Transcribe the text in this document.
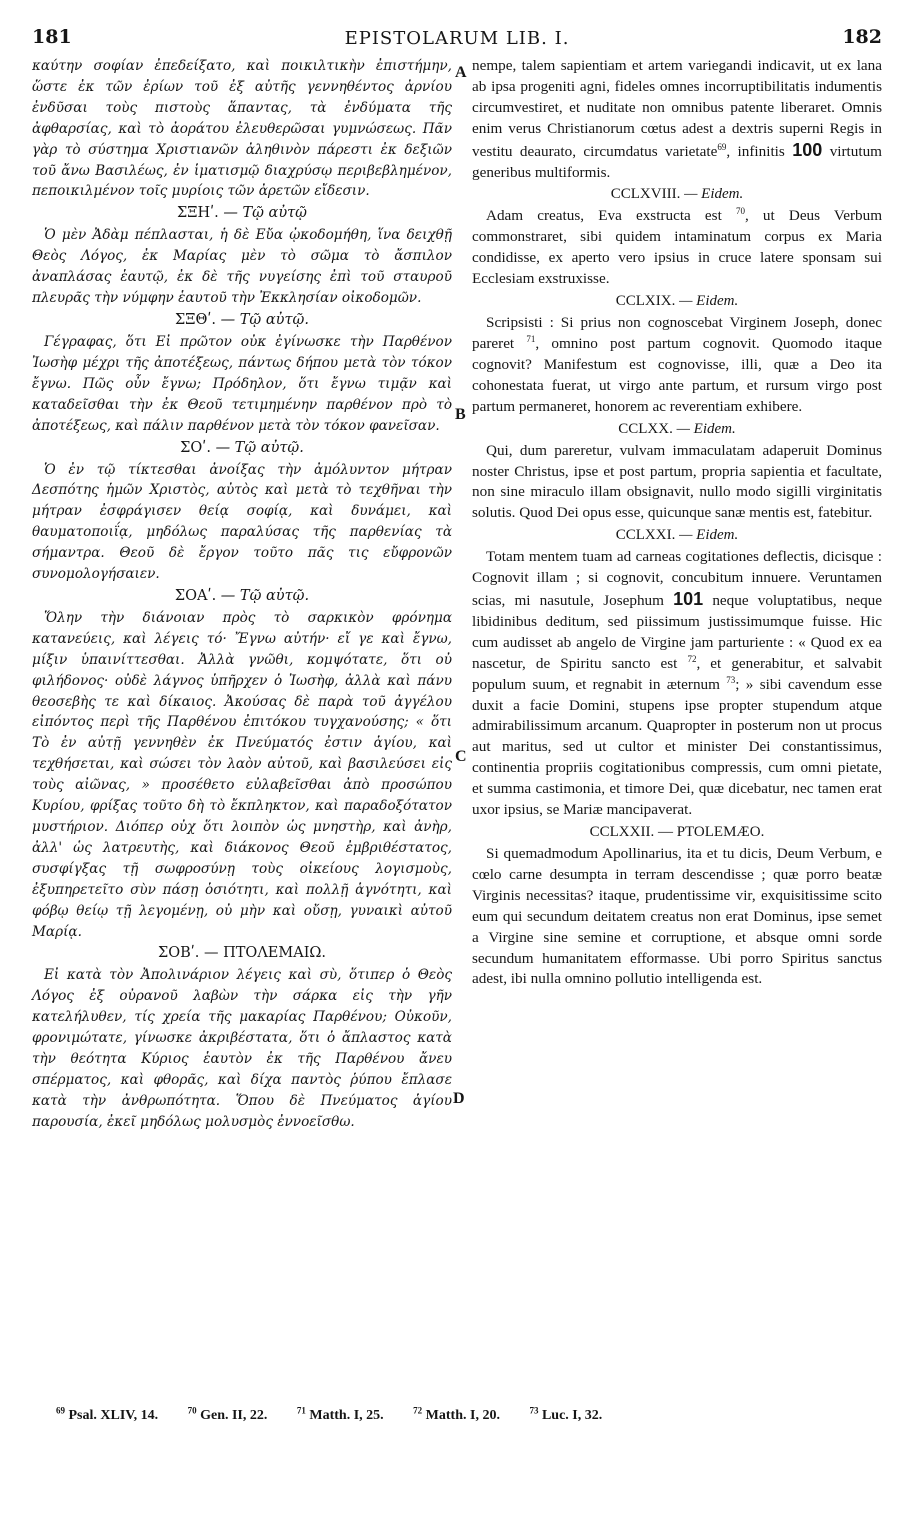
181	EPISTOLARUM LIB. I.	182
A
B
C
D

καύτην σοφίαν ἐπεδείξατο, καὶ ποικιλτικὴν ἐπιστήμην, ὥστε ἐκ τῶν ἐρίων τοῦ ἐξ αὐτῆς γεννηθέντος ἀρνίου ἐνδῦσαι τοὺς πιστοὺς ἅπαντας, τὰ ἐνδύματα τῆς ἀφθαρσίας, καὶ τὸ ἀοράτου ἐλευθερῶσαι γυμνώσεως. Πᾶν γὰρ τὸ σύστημα Χριστιανῶν ἀληθινὸν πάρεστι ἐκ δεξιῶν τοῦ ἄνω Βασιλέως, ἐν ἱματισμῷ διαχρύσῳ περιβεβλημένον, πεποικιλμένον τοῖς μυρίοις τῶν ἀρετῶν εἴδεσιν.

ΣΞΗʹ. — Τῷ αὐτῷ

Ὁ μὲν Ἀδὰμ πέπλασται, ἡ δὲ Εὔα ᾠκοδομήθη, ἵνα δειχθῇ Θεὸς Λόγος, ἐκ Μαρίας μὲν τὸ σῶμα τὸ ἄσπιλον ἀναπλάσας ἑαυτῷ, ἐκ δὲ τῆς νυγείσης ἐπὶ τοῦ σταυροῦ πλευρᾶς τὴν νύμφην ἑαυτοῦ τὴν Ἐκκλησίαν οἰκοδομῶν.

ΣΞΘʹ. — Τῷ αὐτῷ.

Γέγραφας, ὅτι Εἰ πρῶτον οὐκ ἐγίνωσκε τὴν Παρθένον Ἰωσὴφ μέχρι τῆς ἀποτέξεως, πάντως δήπου μετὰ τὸν τόκον ἔγνω. Πῶς οὖν ἔγνω; Πρόδηλον, ὅτι ἔγνω τιμᾷν καὶ καταδεῖσθαι τὴν ἐκ Θεοῦ τετιμημένην παρθένον πρὸ τὸ ἀποτέξεως, καὶ πάλιν παρθένον μετὰ τὸν τόκον φανεῖσαν.

ΣΟʹ. — Τῷ αὐτῷ.

Ὁ ἐν τῷ τίκτεσθαι ἀνοίξας τὴν ἀμόλυντον μήτραν Δεσπότης ἡμῶν Χριστὸς, αὐτὸς καὶ μετὰ τὸ τεχθῆναι τὴν μήτραν ἐσφράγισεν θείᾳ σοφίᾳ, καὶ δυνάμει, καὶ θαυματοποιΐᾳ, μηδόλως παραλύσας τῆς παρθενίας τὰ σήμαντρα. Θεοῦ δὲ ἔργον τοῦτο πᾶς τις εὔφρονῶν συνομολογήσαιεν.

ΣΟΑʹ. — Τῷ αὐτῷ.

Ὅλην τὴν διάνοιαν πρὸς τὸ σαρκικὸν φρόνημα κατανεύεις, καὶ λέγεις τό· Ἔγνω αὐτήν· εἴ γε καὶ ἔγνω, μίξιν ὑπαινίττεσθαι. Ἀλλὰ γνῶθι, κομψότατε, ὅτι οὐ φιλήδονος· οὐδὲ λάγνος ὑπῆρχεν ὁ Ἰωσὴφ, ἀλλὰ καὶ πάνυ θεοσεβὴς τε καὶ δίκαιος. Ἀκούσας δὲ παρὰ τοῦ ἀγγέλου εἰπόντος περὶ τῆς Παρθένου ἐπιτόκου τυγχανούσης; « ὅτι Τὸ ἐν αὐτῇ γεννηθὲν ἐκ Πνεύματός ἐστιν ἁγίου, καὶ τεχθήσεται, καὶ σώσει τὸν λαὸν αὐτοῦ, καὶ βασιλεύσει εἰς τοὺς αἰῶνας, » προσέθετο εὐλαβεῖσθαι ἀπὸ προσώπου Κυρίου, φρίξας τοῦτο δὴ τὸ ἔκπληκτον, καὶ παραδοξότατον μυστήριον. Διόπερ οὐχ ὅτι λοιπὸν ὡς μνηστὴρ, καὶ ἀνὴρ, ἀλλ' ὡς λατρευτὴς, καὶ διάκονος Θεοῦ ἐμβριθέστατος, συσφίγξας τῇ σωφροσύνῃ τοὺς οἰκείους λογισμοὺς, ἐξυπηρετεῖτο σὺν πάσῃ ὁσιότητι, καὶ πολλῇ ἁγνότητι, καὶ φόβῳ θείῳ τῇ λεγομένῃ, οὐ μὴν καὶ οὔσῃ, γυναικὶ αὐτοῦ Μαρίᾳ.

ΣΟΒʹ. — ΠΤΟΛΕΜΑΙΩ.

Εἰ κατὰ τὸν Ἀπολινάριον λέγεις καὶ σὺ, ὅτιπερ ὁ Θεὸς Λόγος ἐξ οὐρανοῦ λαβὼν τὴν σάρκα εἰς τὴν γῆν κατελήλυθεν, τίς χρεία τῆς μακαρίας Παρθένου; Οὐκοῦν, φρονιμώτατε, γίνωσκε ἀκριβέστατα, ὅτι ὁ ἄπλαστος κατὰ τὴν θεότητα Κύριος ἑαυτὸν ἐκ τῆς Παρθένου ἄνευ σπέρματος, καὶ φθορᾶς, καὶ δίχα παντὸς ῥύπου ἔπλασε κατὰ τὴν ἀνθρωπότητα. Ὅπου δὲ Πνεύματος ἁγίου παρουσία, ἐκεῖ μηδόλως μολυσμὸς ἐννοεῖσθω.

nempe, talem sapientiam et artem variegandi indicavit, ut ex lana ab ipsa progeniti agni, fideles omnes incorruptibilitatis indumentis circumvestiret, et nuditate non omnibus patente liberaret. Omnis enim verus Christianorum cœtus adest a dextris superni Regis in vestitu deaurato, circumdatus varietate$^{69}$, infinitis 100 virtutum generibus multiformis.

CCLXVIII. — Eidem.

Adam creatus, Eva exstructa est $^{70}$, ut Deus Verbum commonstraret, sibi quidem intaminatum corpus ex Maria condidisse, ex aperto vero ipsius in cruce latere sponsam sui Ecclesiam exstruxisse.

CCLXIX. — Eidem.

Scripsisti : Si prius non cognoscebat Virginem Joseph, donec pareret $^{71}$, omnino post partum cognovit. Quomodo itaque cognovit? Manifestum est cognovisse, illi, quæ a Deo ita cohonestata fuerat, ut virgo ante partum, et rursum virgo post partum permaneret, honorem ac reverentiam exhibere.

CCLXX. — Eidem.

Qui, dum pareretur, vulvam immaculatam adaperuit Dominus noster Christus, ipse et post partum, propria sapientia et facultate, non sine miraculo illam obsignavit, nullo modo sigilli virginitatis solutis. Quod Dei opus esse, quicunque sanæ mentis est, fatebitur.

CCLXXI. — Eidem.

Totam mentem tuam ad carneas cogitationes deflectis, dicisque : Cognovit illam ; si cognovit, concubitum innuere. Veruntamen scias, mi nasutule, Josephum 101 neque voluptatibus, neque libidinibus deditum, sed piissimum justissimumque fuisse. Hic cum audisset ab angelo de Virgine jam parturiente : « Quod ex ea nascetur, de Spiritu sancto est $^{72}$, et generabitur, et salvabit populum suum, et regnabit in æternum $^{73}$; » sibi cavendum esse duxit a facie Domini, stupens ipse propter stupendum atque admirabilissimum arcanum. Quapropter in posterum non ut procus aut maritus, sed ut cultor et minister Dei constantissimus, continentia propriis cogitationibus compressis, cum omni pietate, et summa castimonia, et timore Dei, quæ dicebatur, nec tamen erat uxor ipsius, se Mariæ mancipaverat.

CCLXXII. — PTOLEMÆO.

Si quemadmodum Apollinarius, ita et tu dicis, Deum Verbum, e cœlo carne desumpta in terram descendisse ; quæ porro beatæ Virginis necessitas? itaque, prudentissime vir, exquisitissime scito eum qui secundum deitatem creatus non erat Dominus, ipse semet a Virgine sine semine et corruptione, et absque omni sorde secundum humanitatem efformasse. Ubi porro Spiritus sanctus adest, ibi nulla omnino pollutio intelligenda est.

$^{69}$ Psal. XLIV, 14.	$^{70}$ Gen. II, 22.	$^{71}$ Matth. I, 25.	$^{72}$ Matth. I, 20.	$^{73}$ Luc. I, 32.
